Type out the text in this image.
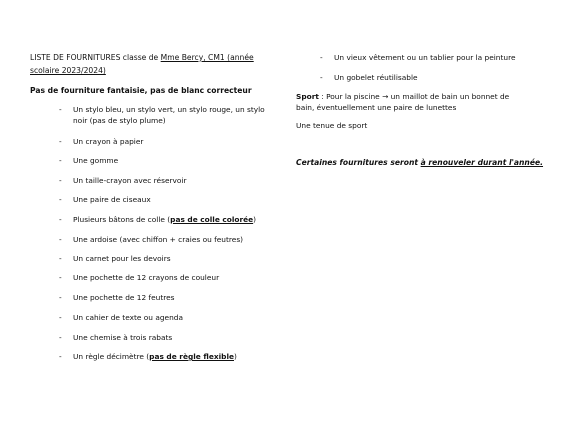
LISTE DE FOURNITURES classe de Mme Bercy, CM1 (année scolaire 2023/2024)
Pas de fourniture fantaisie, pas de blanc correcteur
- Un stylo bleu, un stylo vert, un stylo rouge, un stylo noir (pas de stylo plume)
- Un crayon à papier
- Une gomme
- Un taille-crayon avec réservoir
- Une paire de ciseaux
- Plusieurs bâtons de colle (pas de colle colorée)
- Une ardoise (avec chiffon + craies ou feutres)
- Un carnet pour les devoirs
- Une pochette de 12 crayons de couleur
- Une pochette de 12 feutres
- Un cahier de texte ou agenda
- Une chemise à trois rabats
- Un règle décimètre (pas de règle flexible)
- Un vieux vêtement ou un tablier pour la peinture
- Un gobelet réutilisable
Sport : Pour la piscine → un maillot de bain un bonnet de bain, éventuellement une paire de lunettes
Une tenue de sport
Certaines fournitures seront à renouveler durant l'année.
